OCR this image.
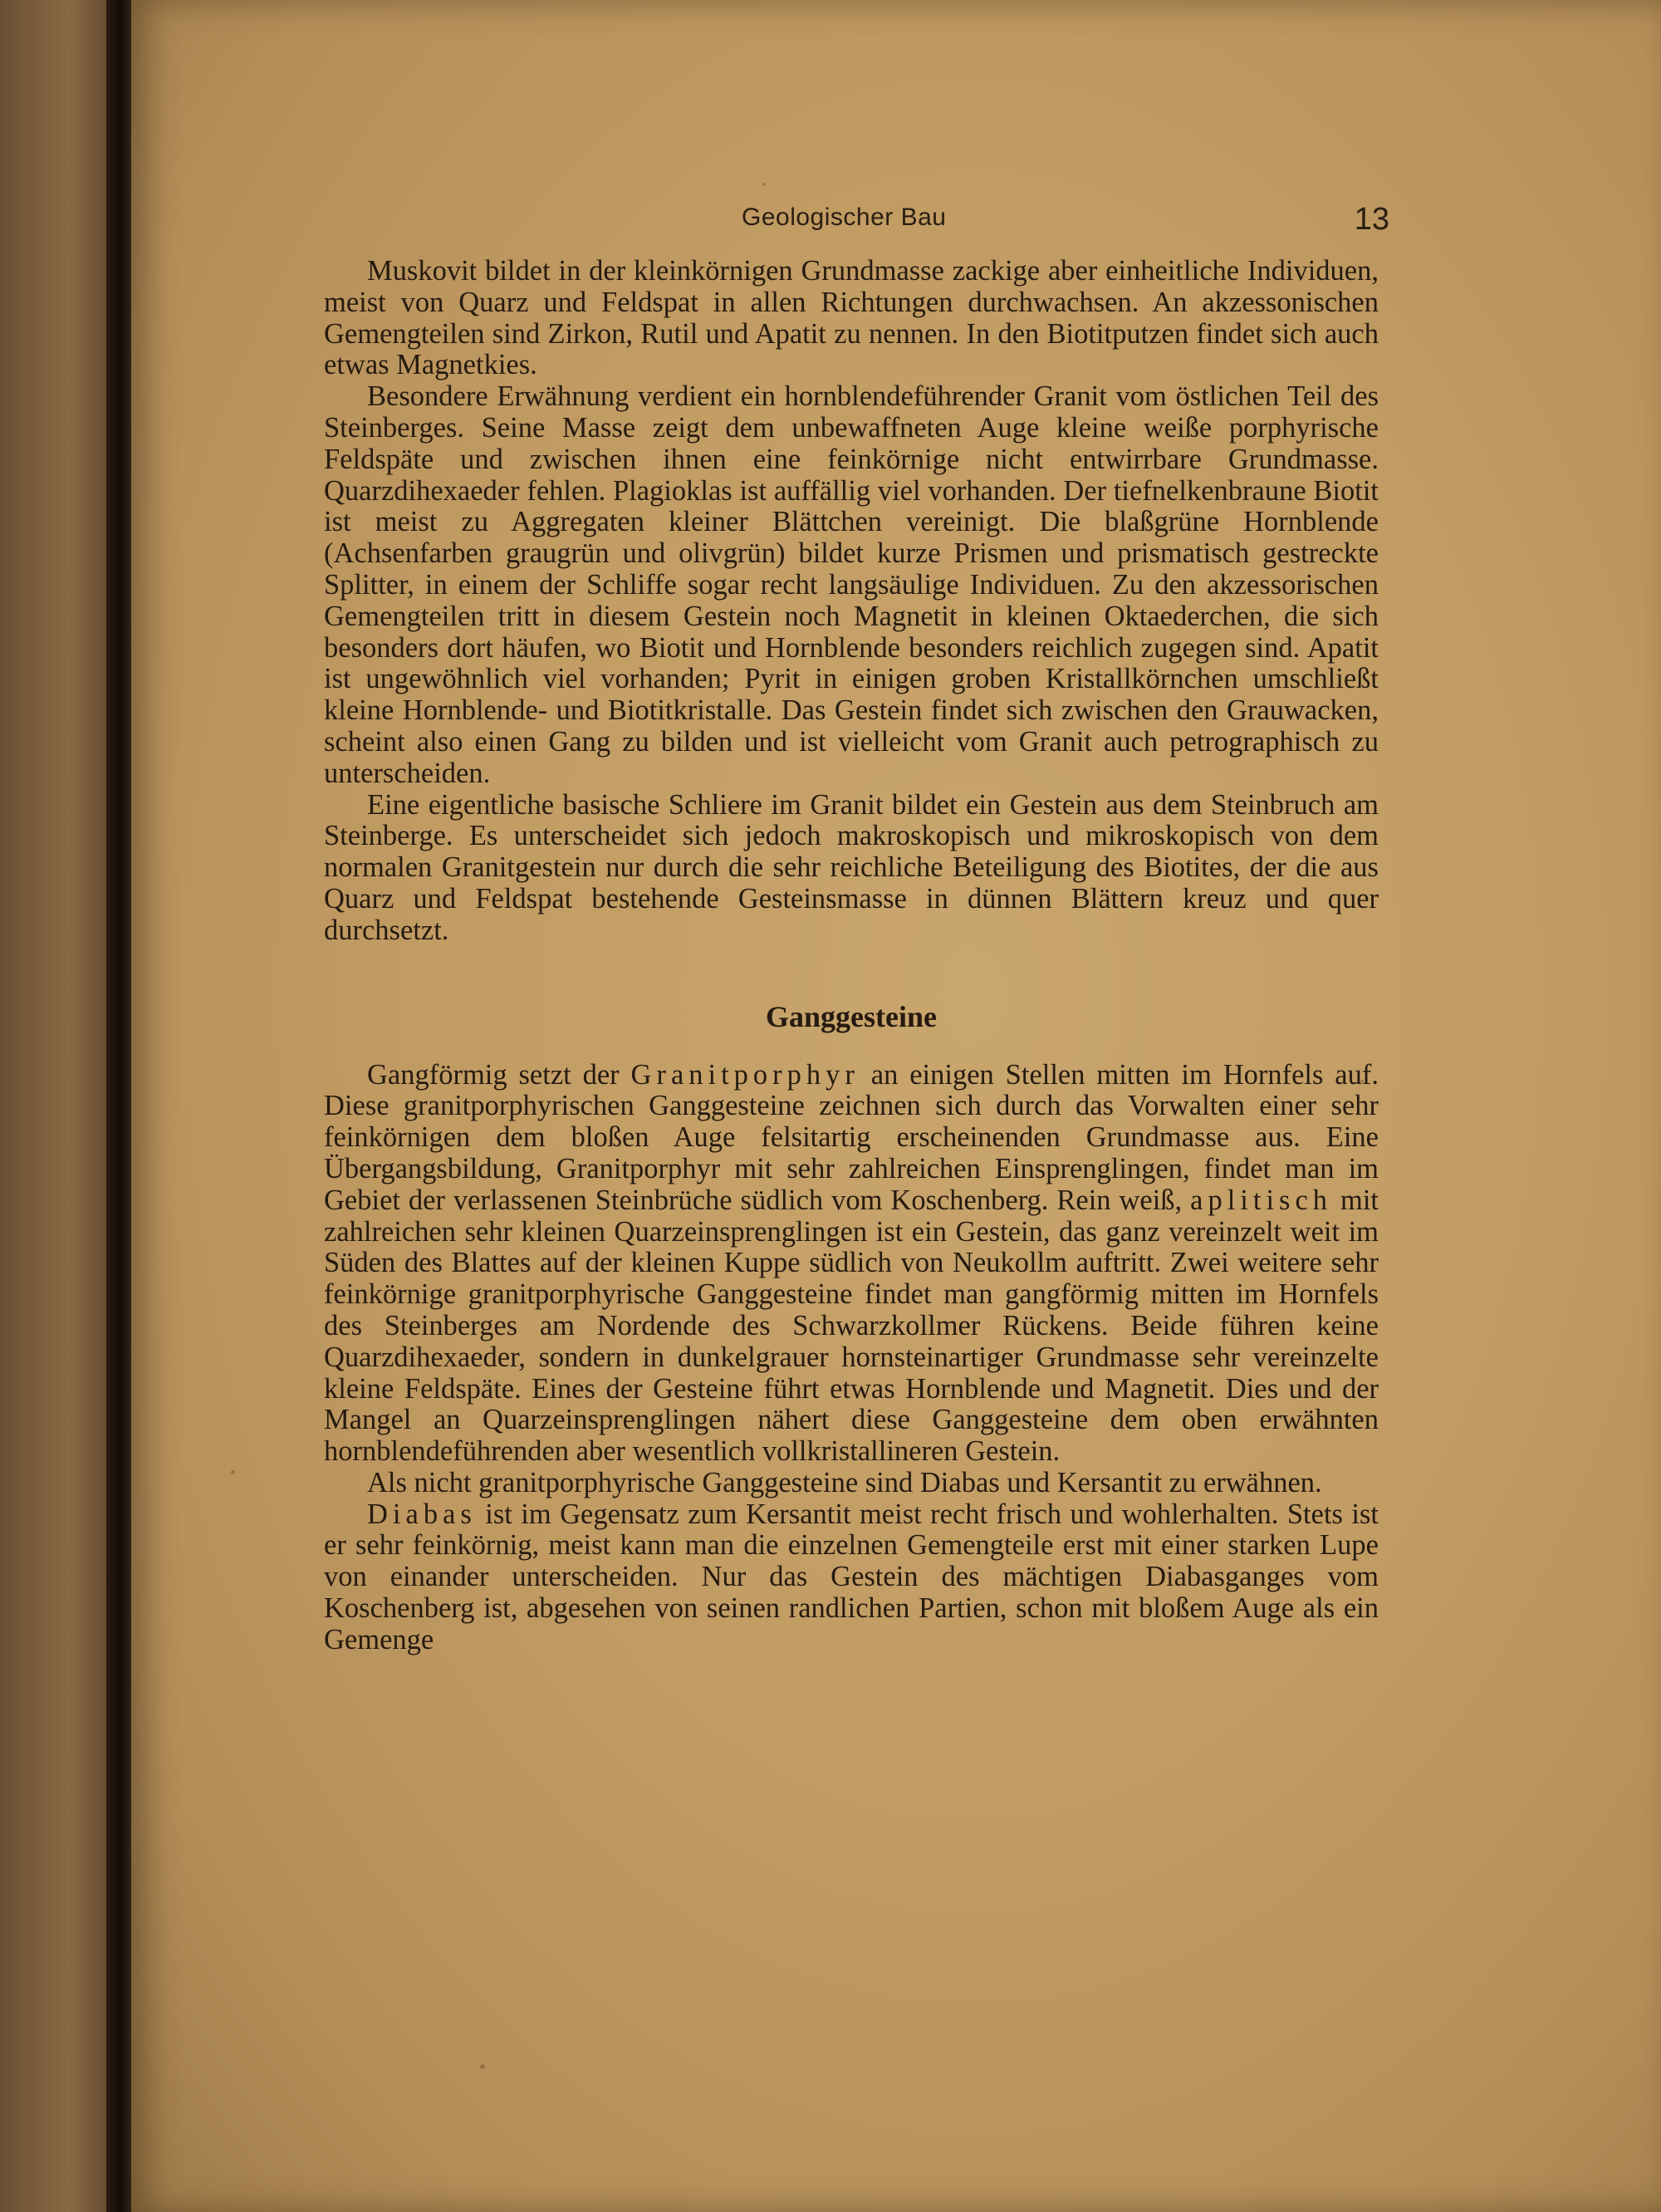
Geologischer Bau	13

Muskovit bildet in der kleinkörnigen Grundmasse zackige aber einheitliche Individuen, meist von Quarz und Feldspat in allen Richtungen durchwachsen. An akzessonischen Gemengteilen sind Zirkon, Rutil und Apatit zu nennen. In den Biotitputzen findet sich auch etwas Magnetkies.

Besondere Erwähnung verdient ein hornblendeführender Granit vom östlichen Teil des Steinberges. Seine Masse zeigt dem unbewaffneten Auge kleine weiße porphyrische Feldspäte und zwischen ihnen eine feinkörnige nicht entwirrbare Grundmasse. Quarzdihexaeder fehlen. Plagioklas ist auffällig viel vorhanden. Der tiefnelkenbraune Biotit ist meist zu Aggregaten kleiner Blättchen vereinigt. Die blaßgrüne Hornblende (Achsenfarben graugrün und olivgrün) bildet kurze Prismen und prismatisch gestreckte Splitter, in einem der Schliffe sogar recht langsäulige Individuen. Zu den akzessorischen Gemengteilen tritt in diesem Gestein noch Magnetit in kleinen Oktaederchen, die sich besonders dort häufen, wo Biotit und Hornblende besonders reichlich zugegen sind. Apatit ist ungewöhnlich viel vorhanden; Pyrit in einigen groben Kristallkörnchen umschließt kleine Hornblende- und Biotitkristalle. Das Gestein findet sich zwischen den Grauwacken, scheint also einen Gang zu bilden und ist vielleicht vom Granit auch petrographisch zu unterscheiden.

Eine eigentliche basische Schliere im Granit bildet ein Gestein aus dem Steinbruch am Steinberge. Es unterscheidet sich jedoch makroskopisch und mikroskopisch von dem normalen Granitgestein nur durch die sehr reichliche Beteiligung des Biotites, der die aus Quarz und Feldspat bestehende Gesteinsmasse in dünnen Blättern kreuz und quer durchsetzt.

Ganggesteine

Gangförmig setzt der Granitporphyr an einigen Stellen mitten im Hornfels auf. Diese granitporphyrischen Ganggesteine zeichnen sich durch das Vorwalten einer sehr feinkörnigen dem bloßen Auge felsitartig erscheinenden Grundmasse aus. Eine Übergangsbildung, Granitporphyr mit sehr zahlreichen Einsprenglingen, findet man im Gebiet der verlassenen Steinbrüche südlich vom Koschenberg. Rein weiß, aplitisch mit zahlreichen sehr kleinen Quarzeinsprenglingen ist ein Gestein, das ganz vereinzelt weit im Süden des Blattes auf der kleinen Kuppe südlich von Neukollm auftritt. Zwei weitere sehr feinkörnige granitporphyrische Ganggesteine findet man gangförmig mitten im Hornfels des Steinberges am Nordende des Schwarzkollmer Rückens. Beide führen keine Quarzdihexaeder, sondern in dunkelgrauer hornsteinartiger Grundmasse sehr vereinzelte kleine Feldspäte. Eines der Gesteine führt etwas Hornblende und Magnetit. Dies und der Mangel an Quarzeinsprenglingen nähert diese Ganggesteine dem oben erwähnten hornblendeführenden aber wesentlich vollkristallineren Gestein.

Als nicht granitporphyrische Ganggesteine sind Diabas und Kersantit zu erwähnen.

Diabas ist im Gegensatz zum Kersantit meist recht frisch und wohlerhalten. Stets ist er sehr feinkörnig, meist kann man die einzelnen Gemengteile erst mit einer starken Lupe von einander unterscheiden. Nur das Gestein des mächtigen Diabasganges vom Koschenberg ist, abgesehen von seinen randlichen Partien, schon mit bloßem Auge als ein Gemenge
